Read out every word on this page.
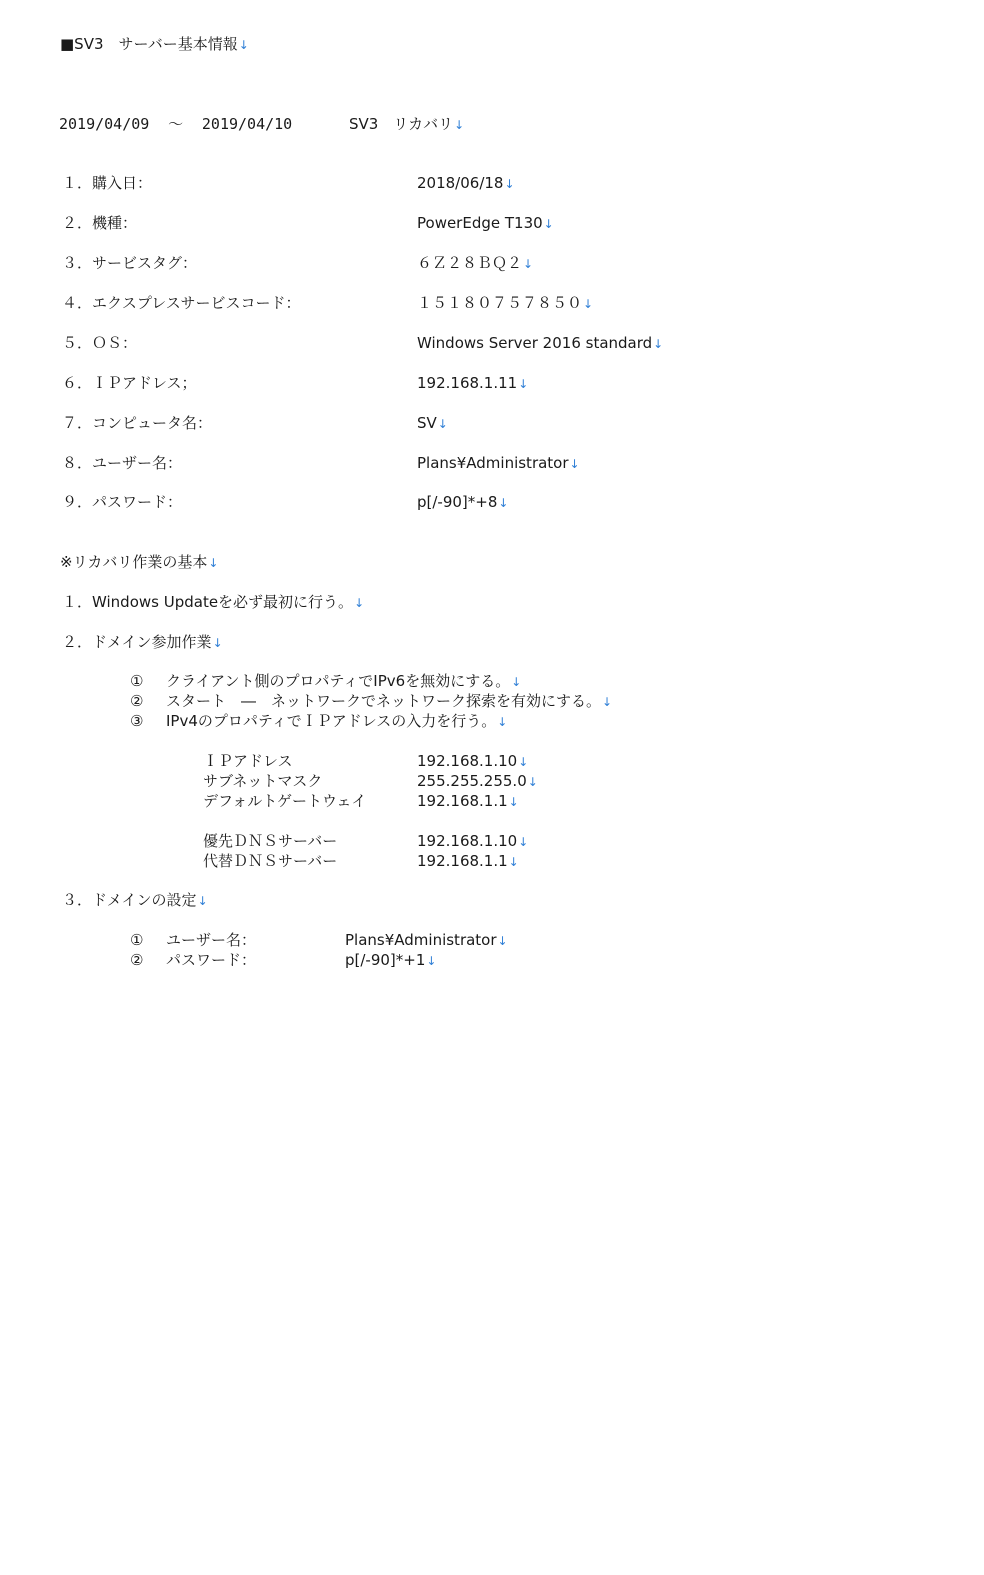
■SV3　サーバー基本情報↓
2019/04/09 ～ 2019/04/10	SV3　リカバリ↓
１．購入日：	2018/06/18↓
２．機種：	PowerEdge T130↓
３．サービスタグ：	６Ｚ２８ＢＱ２↓
４．エクスプレスサービスコード：	１５１８０７５７８５０↓
５．ＯＳ：	Windows Server 2016 standard↓
６．ＩＰアドレス；	192.168.1.11↓
７．コンピュータ名：	SV↓
８．ユーザー名：	Plans¥Administrator↓
９．パスワード：	p[/-90]*+8↓
※リカバリ作業の基本↓
１．Windows Updateを必ず最初に行う。↓
２．ドメイン参加作業↓
① クライアント側のプロパティでIPv6を無効にする。↓
② スタート　―　ネットワークでネットワーク探索を有効にする。↓
③ IPv4のプロパティでＩＰアドレスの入力を行う。↓
ＩＰアドレス	192.168.1.10↓
サブネットマスク	255.255.255.0↓
デフォルトゲートウェイ	192.168.1.1↓
優先ＤＮＳサーバー	192.168.1.10↓
代替ＤＮＳサーバー	192.168.1.1↓
３．ドメインの設定↓
① ユーザー名：	Plans¥Administrator↓
② パスワード：	p[/-90]*+1↓
